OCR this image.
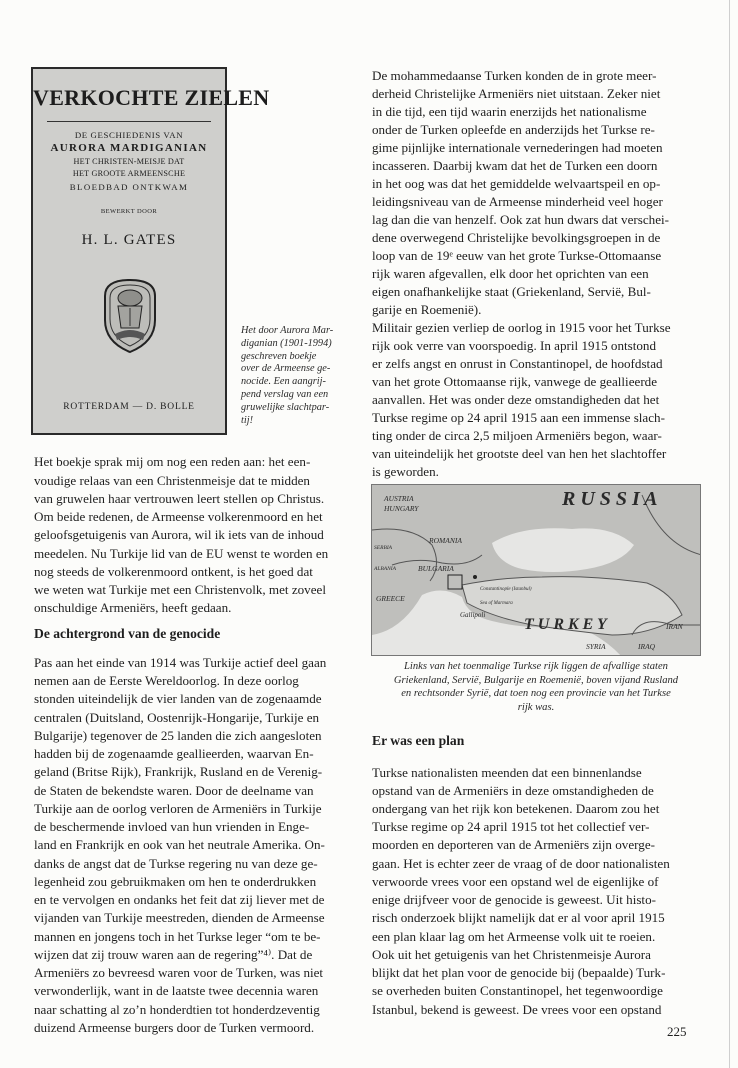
VERKOCHTE ZIELEN
DE GESCHIEDENIS VAN
AURORA MARDIGANIAN
HET CHRISTEN-MEISJE DAT
HET GROOTE ARMEENSCHE
BLOEDBAD ONTKWAM
BEWERKT DOOR
H. L. GATES
ROTTERDAM — D. BOLLE
Het door Aurora Mar-
diganian (1901-1994)
geschreven boekje
over de Armeense ge-
nocide. Een aangrij-
pend verslag van een
gruwelijke slachtpar-
tij!
Het boekje sprak mij om nog een reden aan: het een-
voudige relaas van een Christenmeisje dat te midden
van gruwelen haar vertrouwen leert stellen op Christus.
Om beide redenen, de Armeense volkerenmoord en het
geloofsgetuigenis van Aurora, wil ik iets van de inhoud
meedelen. Nu Turkije lid van de EU wenst te worden en
nog steeds de volkerenmoord ontkent, is het goed dat
we weten wat Turkije met een Christenvolk, met zoveel
onschuldige Armeniërs, heeft gedaan.
De achtergrond van de genocide
Pas aan het einde van 1914 was Turkije actief deel gaan
nemen aan de Eerste Wereldoorlog. In deze oorlog
stonden uiteindelijk de vier landen van de zogenaamde
centralen (Duitsland, Oostenrijk-Hongarije, Turkije en
Bulgarije) tegenover de 25 landen die zich aangesloten
hadden bij de zogenaamde geallieerden, waarvan En-
geland (Britse Rijk), Frankrijk, Rusland en de Verenig-
de Staten de bekendste waren. Door de deelname van
Turkije aan de oorlog verloren de Armeniërs in Turkije
de beschermende invloed van hun vrienden in Enge-
land en Frankrijk en ook van het neutrale Amerika. On-
danks de angst dat de Turkse regering nu van deze ge-
legenheid zou gebruikmaken om hen te onderdrukken
en te vervolgen en ondanks het feit dat zij liever met de
vijanden van Turkije meestreden, dienden de Armeense
mannen en jongens toch in het Turkse leger “om te be-
wijzen dat zij trouw waren aan de regering”⁴⁾. Dat de
Armeniërs zo bevreesd waren voor de Turken, was niet
verwonderlijk, want in de laatste twee decennia waren
naar schatting al zo’n honderdtien tot honderdzeventig
duizend Armeense burgers door de Turken vermoord.
De mohammedaanse Turken konden de in grote meer-
derheid Christelijke Armeniërs niet uitstaan. Zeker niet
in die tijd, een tijd waarin enerzijds het nationalisme
onder de Turken opleefde en anderzijds het Turkse re-
gime pijnlijke internationale vernederingen had moeten
incasseren. Daarbij kwam dat het de Turken een doorn
in het oog was dat het gemiddelde welvaartspeil en op-
leidingsniveau van de Armeense minderheid veel hoger
lag dan die van henzelf. Ook zat hun dwars dat verschei-
dene overwegend Christelijke bevolkingsgroepen in de
loop van de 19ᵉ eeuw van het grote Turkse-Ottomaanse
rijk waren afgevallen, elk door het oprichten van een
eigen onafhankelijke staat (Griekenland, Servië, Bul-
garije en Roemenië).
Militair gezien verliep de oorlog in 1915 voor het Turkse
rijk ook verre van voorspoedig. In april 1915 ontstond
er zelfs angst en onrust in Constantinopel, de hoofdstad
van het grote Ottomaanse rijk, vanwege de geallieerde
aanvallen. Het was onder deze omstandigheden dat het
Turkse regime op 24 april 1915 aan een immense slach-
ting onder de circa 2,5 miljoen Armeniërs begon, waar-
van uiteindelijk het grootste deel van hen het slachtoffer
is geworden.
R U S S I A
AUSTRIA
HUNGARY
ROMANIA
SERBIA
ALBANIA	BULGARIA
GREECE
Constantinople (Istanbul)
Sea of Marmara
Gallipoli
T U R K E Y	IRAN
SYRIA	IRAQ
Links van het toenmalige Turkse rijk liggen de afvallige staten
Griekenland, Servië, Bulgarije en Roemenië, boven vijand Rusland
en rechtsonder Syrië, dat toen nog een provincie van het Turkse
rijk was.
Er was een plan
Turkse nationalisten meenden dat een binnenlandse
opstand van de Armeniërs in deze omstandigheden de
ondergang van het rijk kon betekenen. Daarom zou het
Turkse regime op 24 april 1915 tot het collectief ver-
moorden en deporteren van de Armeniërs zijn overge-
gaan. Het is echter zeer de vraag of de door nationalisten
verwoorde vrees voor een opstand wel de eigenlijke of
enige drijfveer voor de genocide is geweest. Uit histo-
risch onderzoek blijkt namelijk dat er al voor april 1915
een plan klaar lag om het Armeense volk uit te roeien.
Ook uit het getuigenis van het Christenmeisje Aurora
blijkt dat het plan voor de genocide bij (bepaalde) Turk-
se overheden buiten Constantinopel, het tegenwoordige
Istanbul, bekend is geweest. De vrees voor een opstand
225
